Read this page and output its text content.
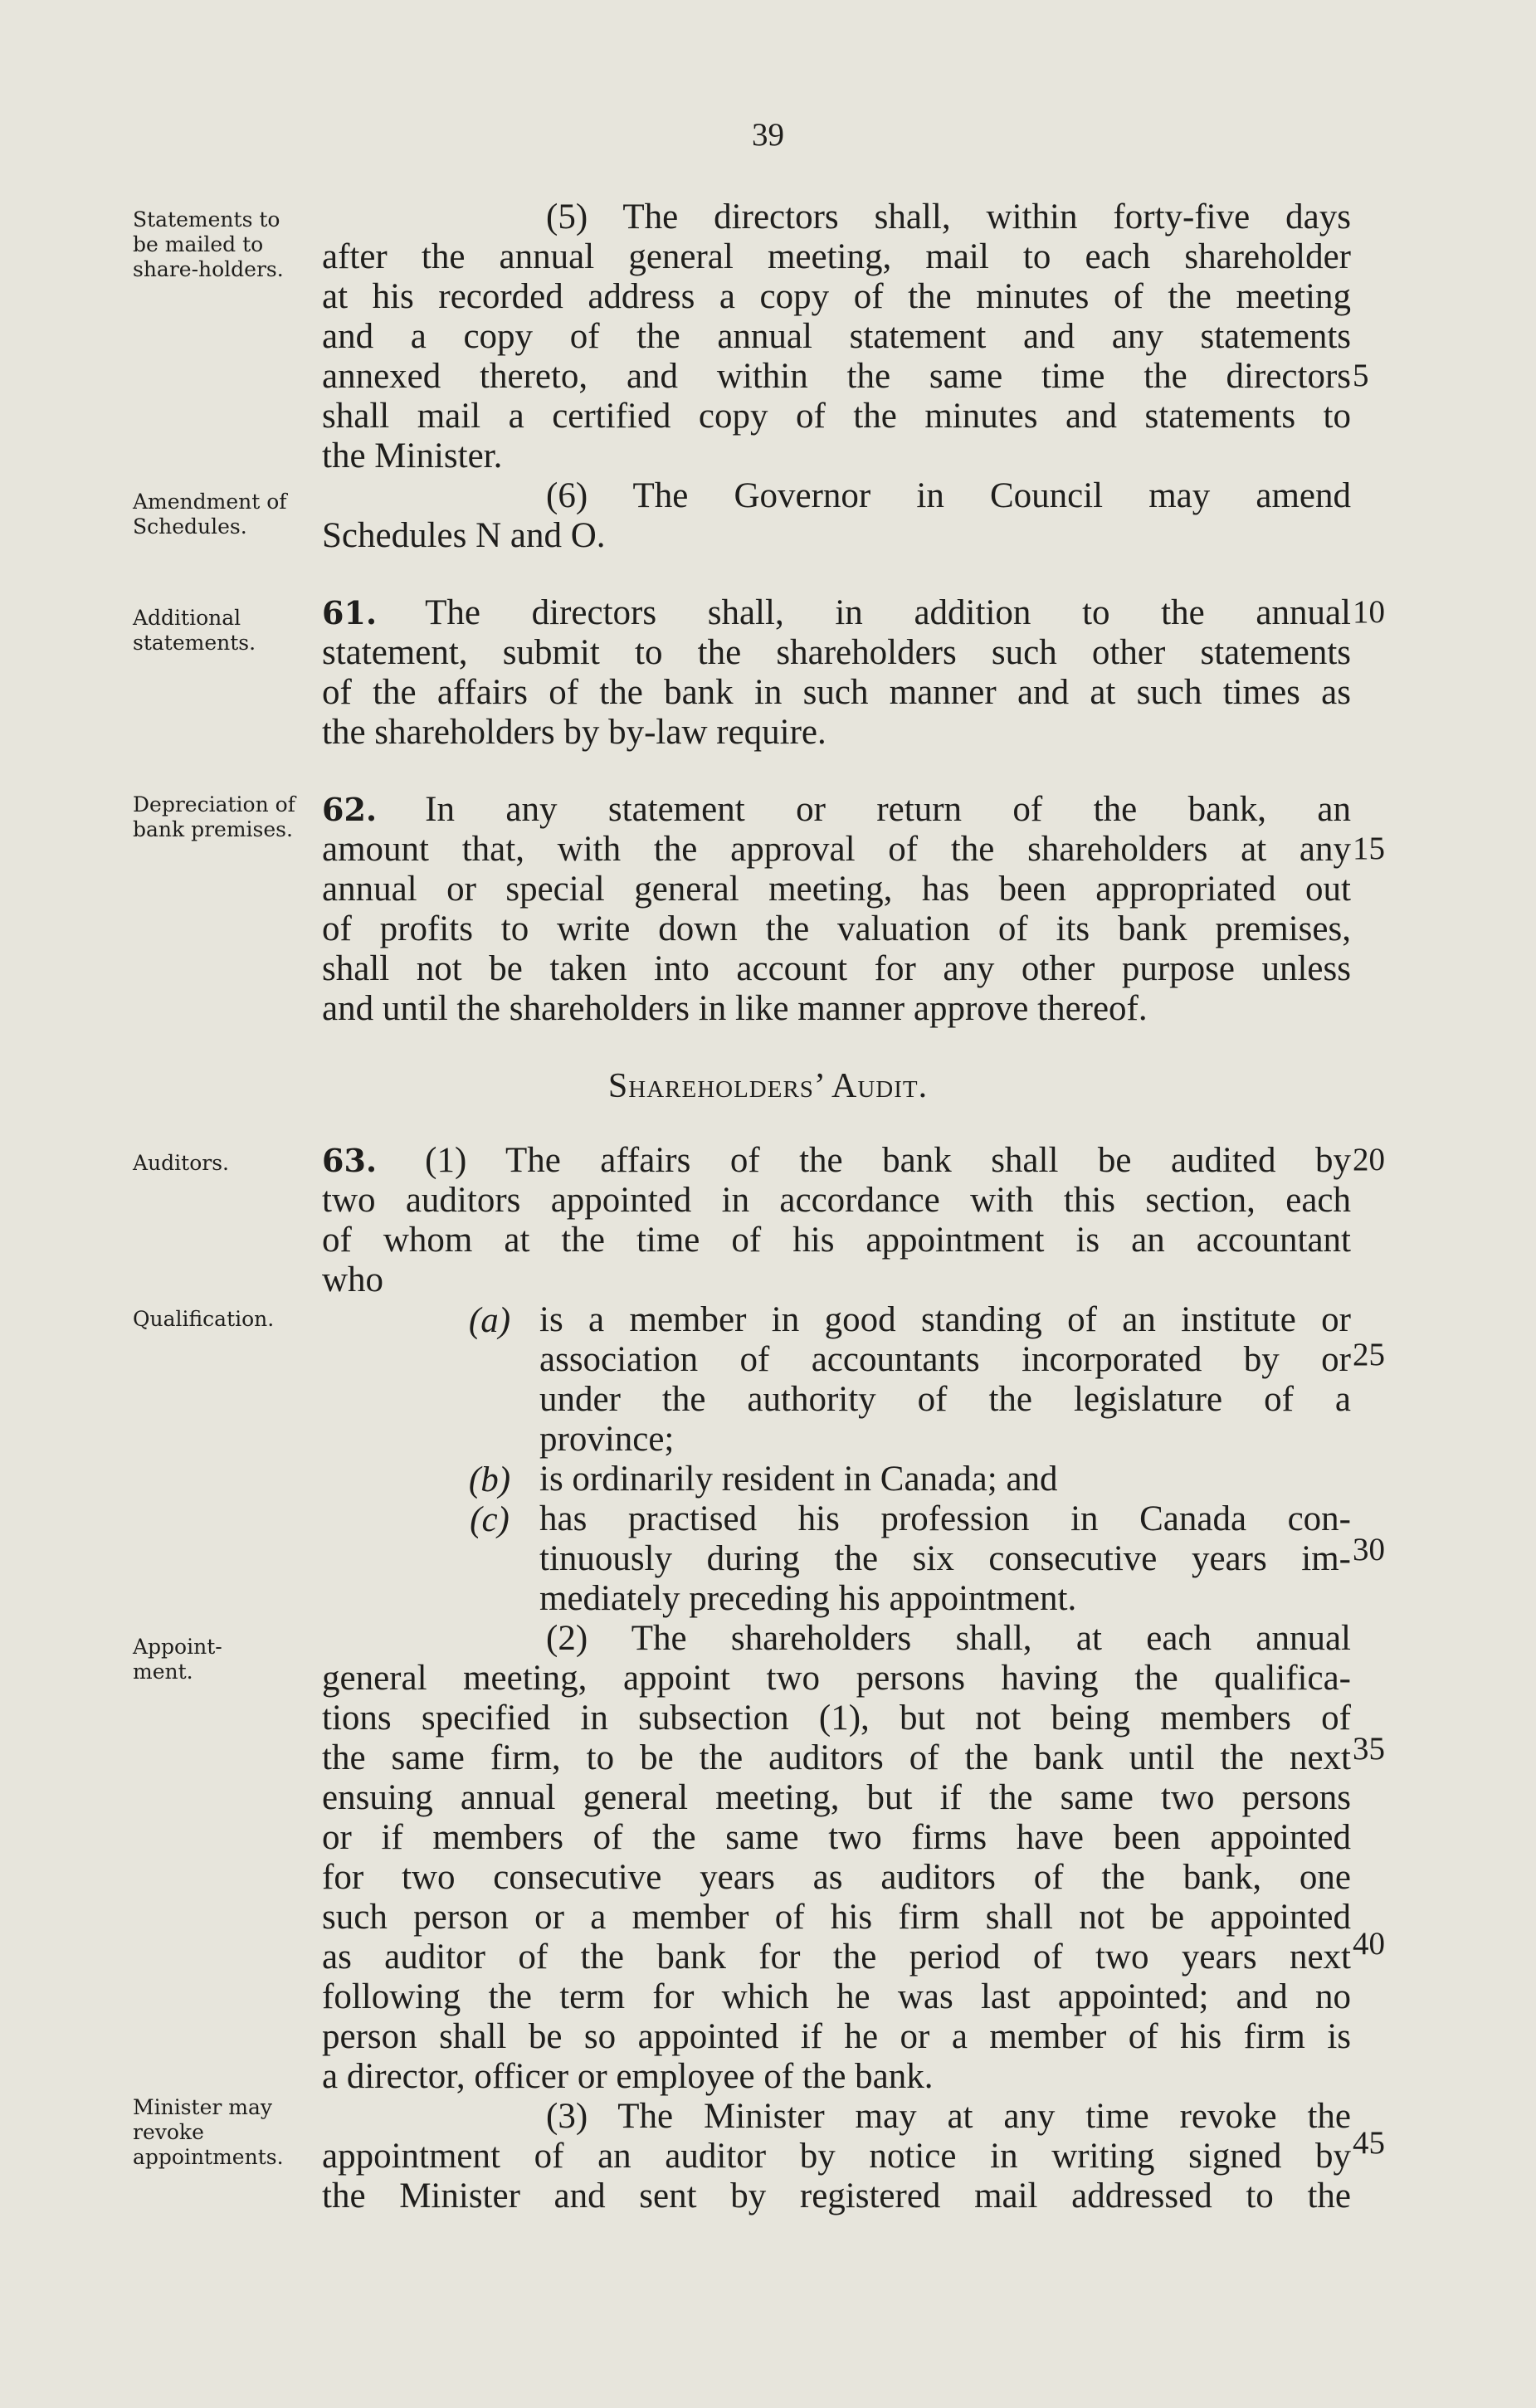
39
Statements to be mailed to share-holders.
Amendment of Schedules.
Additional statements.
Depreciation of bank premises.
Auditors.
Qualification.
Appoint-ment.
Minister may revoke appointments.
5
10
15
20
25
30
35
40
45
(5) The directors shall, within forty-five days
after the annual general meeting, mail to each shareholder
at his recorded address a copy of the minutes of the meeting
and a copy of the annual statement and any statements
annexed thereto, and within the same time the directors
shall mail a certified copy of the minutes and statements to
the Minister.
(6) The Governor in Council may amend
Schedules N and O.
61. The directors shall, in addition to the annual
statement, submit to the shareholders such other statements
of the affairs of the bank in such manner and at such times as
the shareholders by by-law require.
62. In any statement or return of the bank, an
amount that, with the approval of the shareholders at any
annual or special general meeting, has been appropriated out
of profits to write down the valuation of its bank premises,
shall not be taken into account for any other purpose unless
and until the shareholders in like manner approve thereof.
Shareholders’ Audit.
63. (1) The affairs of the bank shall be audited by
two auditors appointed in accordance with this section, each
of whom at the time of his appointment is an accountant
who
(a) is a member in good standing of an institute or
association of accountants incorporated by or
under the authority of the legislature of a
province;
(b) is ordinarily resident in Canada; and
(c) has practised his profession in Canada con-
tinuously during the six consecutive years im-
mediately preceding his appointment.
(2) The shareholders shall, at each annual
general meeting, appoint two persons having the qualifica-
tions specified in subsection (1), but not being members of
the same firm, to be the auditors of the bank until the next
ensuing annual general meeting, but if the same two persons
or if members of the same two firms have been appointed
for two consecutive years as auditors of the bank, one
such person or a member of his firm shall not be appointed
as auditor of the bank for the period of two years next
following the term for which he was last appointed; and no
person shall be so appointed if he or a member of his firm is
a director, officer or employee of the bank.
(3) The Minister may at any time revoke the
appointment of an auditor by notice in writing signed by
the Minister and sent by registered mail addressed to the
